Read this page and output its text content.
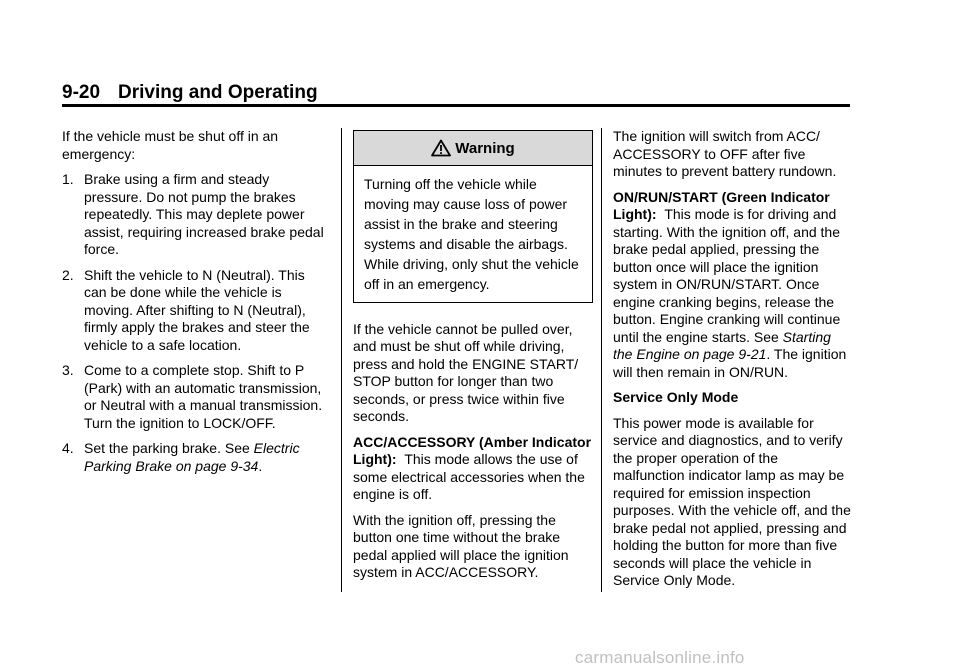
9-20 Driving and Operating

If the vehicle must be shut off in an emergency:

1. Brake using a firm and steady pressure. Do not pump the brakes repeatedly. This may deplete power assist, requiring increased brake pedal force.
2. Shift the vehicle to N (Neutral). This can be done while the vehicle is moving. After shifting to N (Neutral), firmly apply the brakes and steer the vehicle to a safe location.
3. Come to a complete stop. Shift to P (Park) with an automatic transmission, or Neutral with a manual transmission. Turn the ignition to LOCK/OFF.
4. Set the parking brake. See Electric Parking Brake on page 9-34.
Warning
Turning off the vehicle while moving may cause loss of power assist in the brake and steering systems and disable the airbags. While driving, only shut the vehicle off in an emergency.

If the vehicle cannot be pulled over, and must be shut off while driving, press and hold the ENGINE START/ STOP button for longer than two seconds, or press twice within five seconds.

ACC/ACCESSORY (Amber Indicator Light): This mode allows the use of some electrical accessories when the engine is off.

With the ignition off, pressing the button one time without the brake pedal applied will place the ignition system in ACC/ACCESSORY.

The ignition will switch from ACC/ ACCESSORY to OFF after five minutes to prevent battery rundown.

ON/RUN/START (Green Indicator Light): This mode is for driving and starting. With the ignition off, and the brake pedal applied, pressing the button once will place the ignition system in ON/RUN/START. Once engine cranking begins, release the button. Engine cranking will continue until the engine starts. See Starting the Engine on page 9-21. The ignition will then remain in ON/RUN.

Service Only Mode

This power mode is available for service and diagnostics, and to verify the proper operation of the malfunction indicator lamp as may be required for emission inspection purposes. With the vehicle off, and the brake pedal not applied, pressing and holding the button for more than five seconds will place the vehicle in Service Only Mode.

carmanualsonline.info
